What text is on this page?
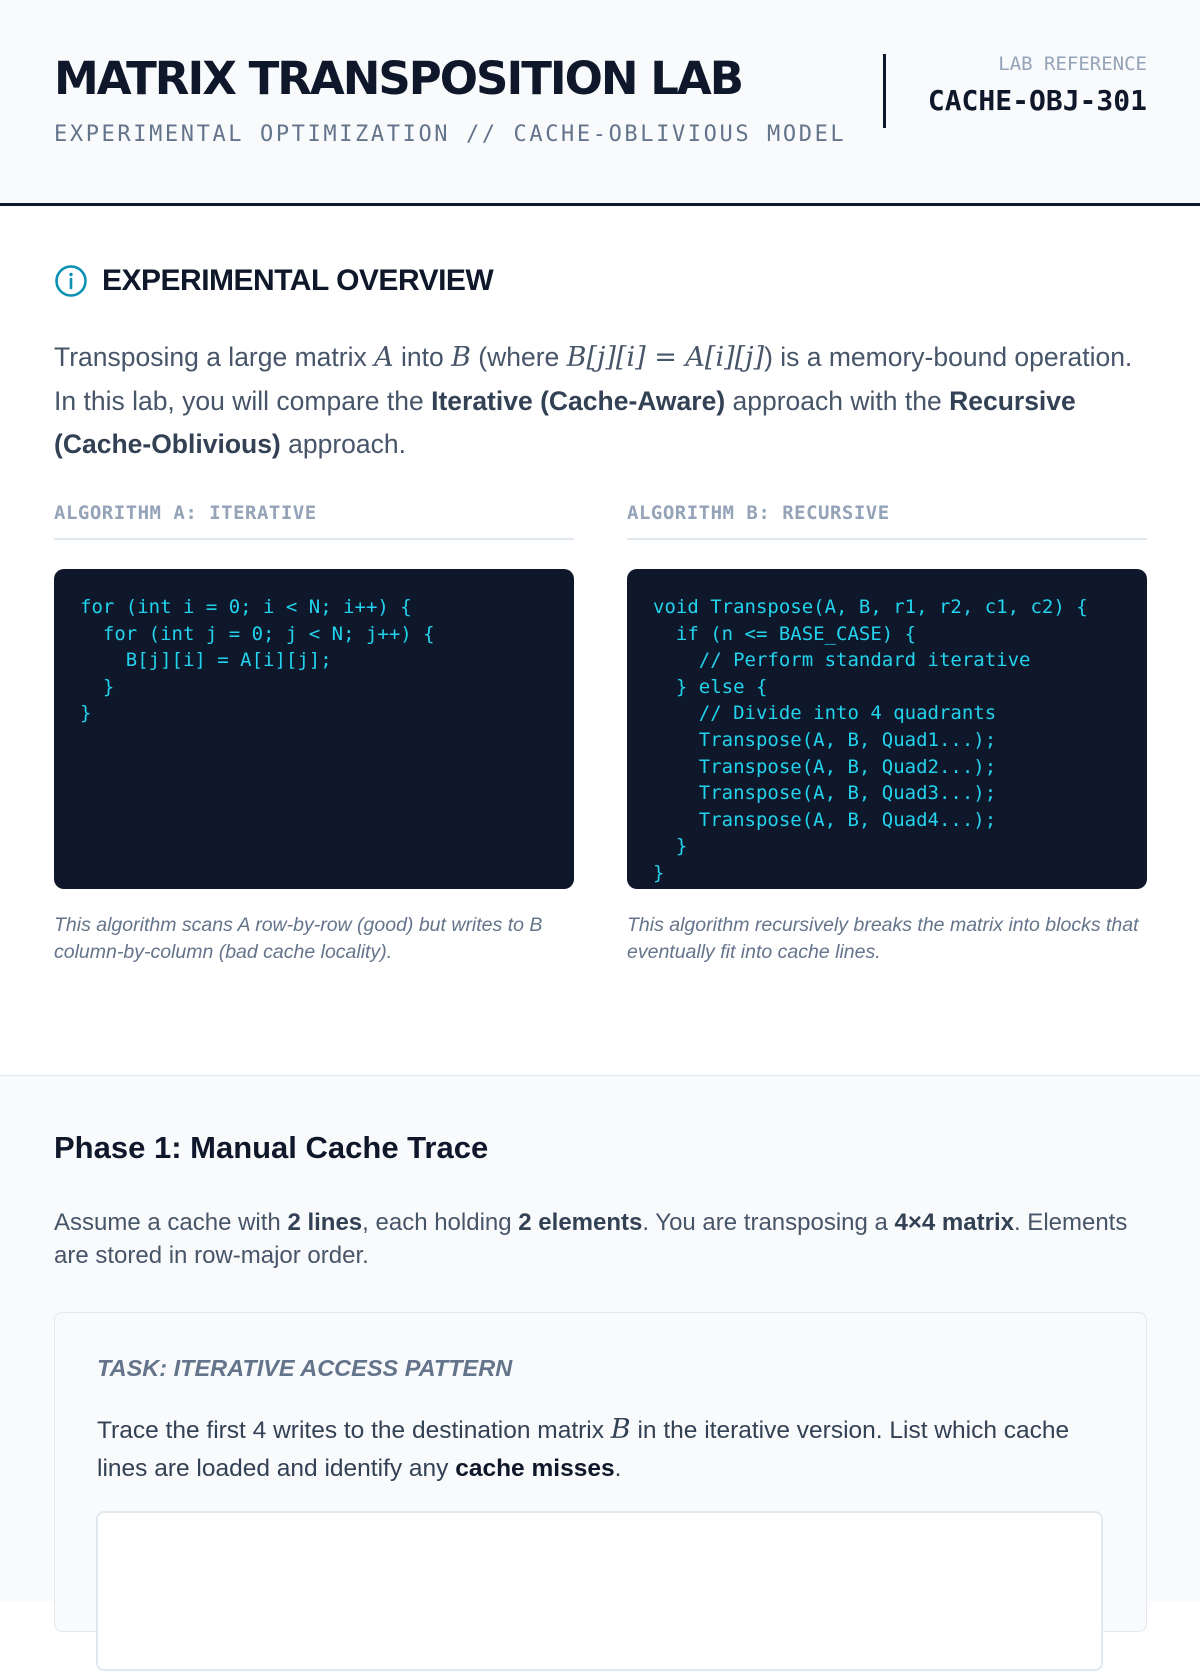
MATRIX TRANSPOSITION LAB
EXPERIMENTAL OPTIMIZATION // CACHE-OBLIVIOUS MODEL
LAB REFERENCE
CACHE-OBJ-301
EXPERIMENTAL OVERVIEW

Transposing a large matrix A into B (where B[j][i] = A[i][j]) is a memory-bound operation. In this lab, you will compare the Iterative (Cache-Aware) approach with the Recursive (Cache-Oblivious) approach.

ALGORITHM A: ITERATIVE
for (int i = 0; i < N; i++) {
for (int j = 0; j < N; j++) {
B[j][i] = A[i][j];
}
}
This algorithm scans A row-by-row (good) but writes to B column-by-column (bad cache locality).
ALGORITHM B: RECURSIVE
void Transpose(A, B, r1, r2, c1, c2) {
if (n <= BASE_CASE) {
// Perform standard iterative
} else {
// Divide into 4 quadrants
Transpose(A, B, Quad1...);
Transpose(A, B, Quad2...);
Transpose(A, B, Quad3...);
Transpose(A, B, Quad4...);
}
}
This algorithm recursively breaks the matrix into blocks that eventually fit into cache lines.
Phase 1: Manual Cache Trace

Assume a cache with 2 lines, each holding 2 elements. You are transposing a 4×4 matrix. Elements are stored in row-major order.

TASK: ITERATIVE ACCESS PATTERN

Trace the first 4 writes to the destination matrix B in the iterative version. List which cache lines are loaded and identify any cache misses.
